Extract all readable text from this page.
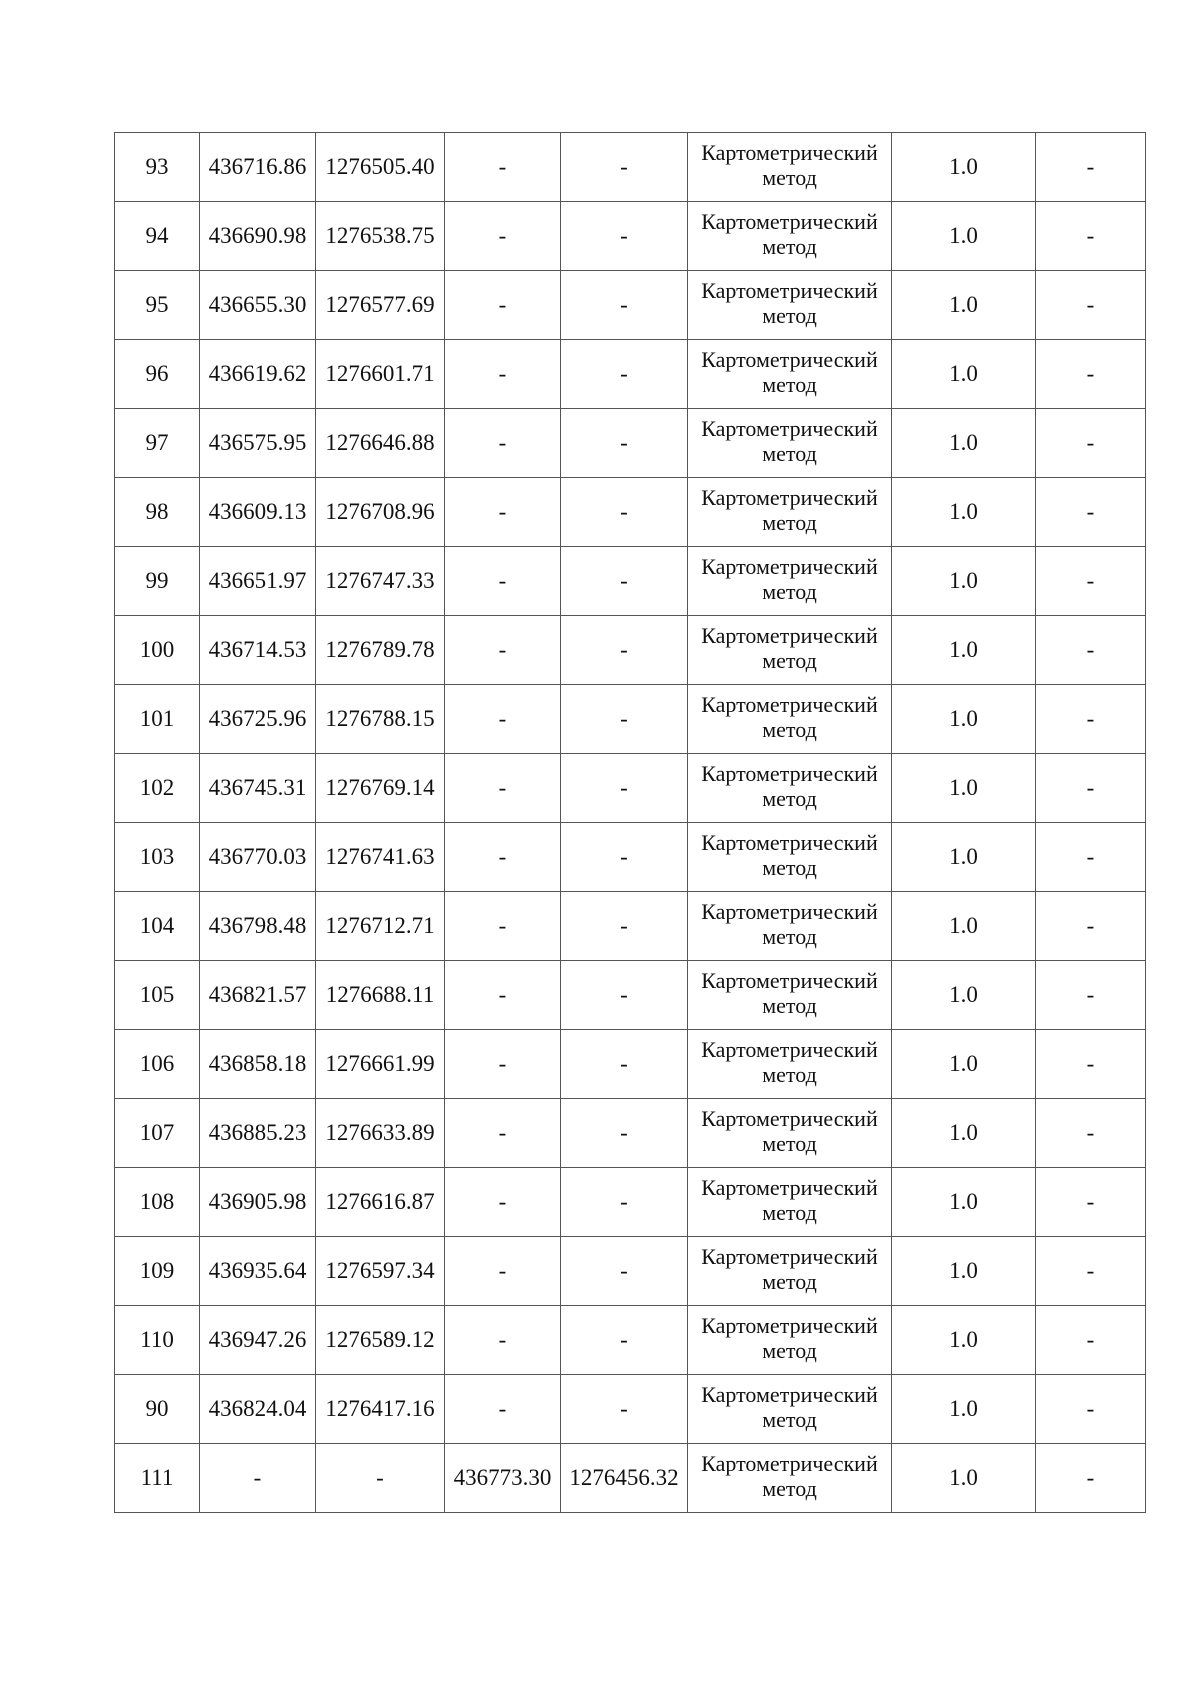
93	436716.86	1276505.40	-	-	Картометрический
метод	1.0	-
94	436690.98	1276538.75	-	-	Картометрический
метод	1.0	-
95	436655.30	1276577.69	-	-	Картометрический
метод	1.0	-
96	436619.62	1276601.71	-	-	Картометрический
метод	1.0	-
97	436575.95	1276646.88	-	-	Картометрический
метод	1.0	-
98	436609.13	1276708.96	-	-	Картометрический
метод	1.0	-
99	436651.97	1276747.33	-	-	Картометрический
метод	1.0	-
100	436714.53	1276789.78	-	-	Картометрический
метод	1.0	-
101	436725.96	1276788.15	-	-	Картометрический
метод	1.0	-
102	436745.31	1276769.14	-	-	Картометрический
метод	1.0	-
103	436770.03	1276741.63	-	-	Картометрический
метод	1.0	-
104	436798.48	1276712.71	-	-	Картометрический
метод	1.0	-
105	436821.57	1276688.11	-	-	Картометрический
метод	1.0	-
106	436858.18	1276661.99	-	-	Картометрический
метод	1.0	-
107	436885.23	1276633.89	-	-	Картометрический
метод	1.0	-
108	436905.98	1276616.87	-	-	Картометрический
метод	1.0	-
109	436935.64	1276597.34	-	-	Картометрический
метод	1.0	-
110	436947.26	1276589.12	-	-	Картометрический
метод	1.0	-
90	436824.04	1276417.16	-	-	Картометрический
метод	1.0	-
111	-	-	436773.30	1276456.32	Картометрический
метод	1.0	-
